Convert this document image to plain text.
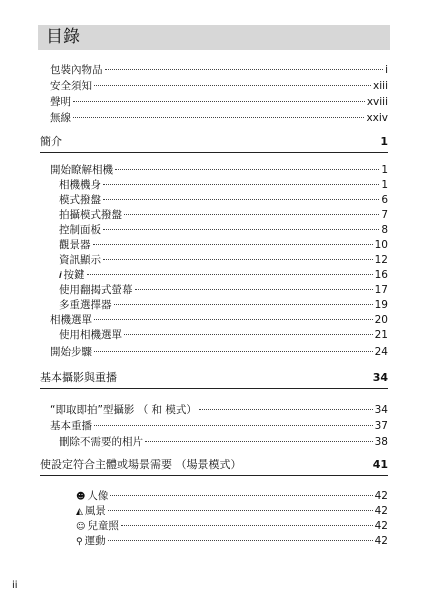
目錄
包裝內物品	i
安全須知	xiii
聲明	xviii
無線	xxiv
簡介	1
開始瞭解相機	1
相機機身	1
模式撥盤	6
拍攝模式撥盤	7
控制面板	8
觀景器	10
資訊顯示	12
𝒊 按鍵	16
使用翻揭式螢幕	17
多重選擇器	19
相機選單	20
使用相機選單	21
開始步驟	24
基本攝影與重播	34
“即取即拍”型攝影 （ 和 模式）	34
基本重播	37
刪除不需要的相片	38
使設定符合主體或場景需要 （場景模式）	41
☻ 人像	42
◭ 風景	42
☺ 兒童照	42
⚲ 運動	42
ii
